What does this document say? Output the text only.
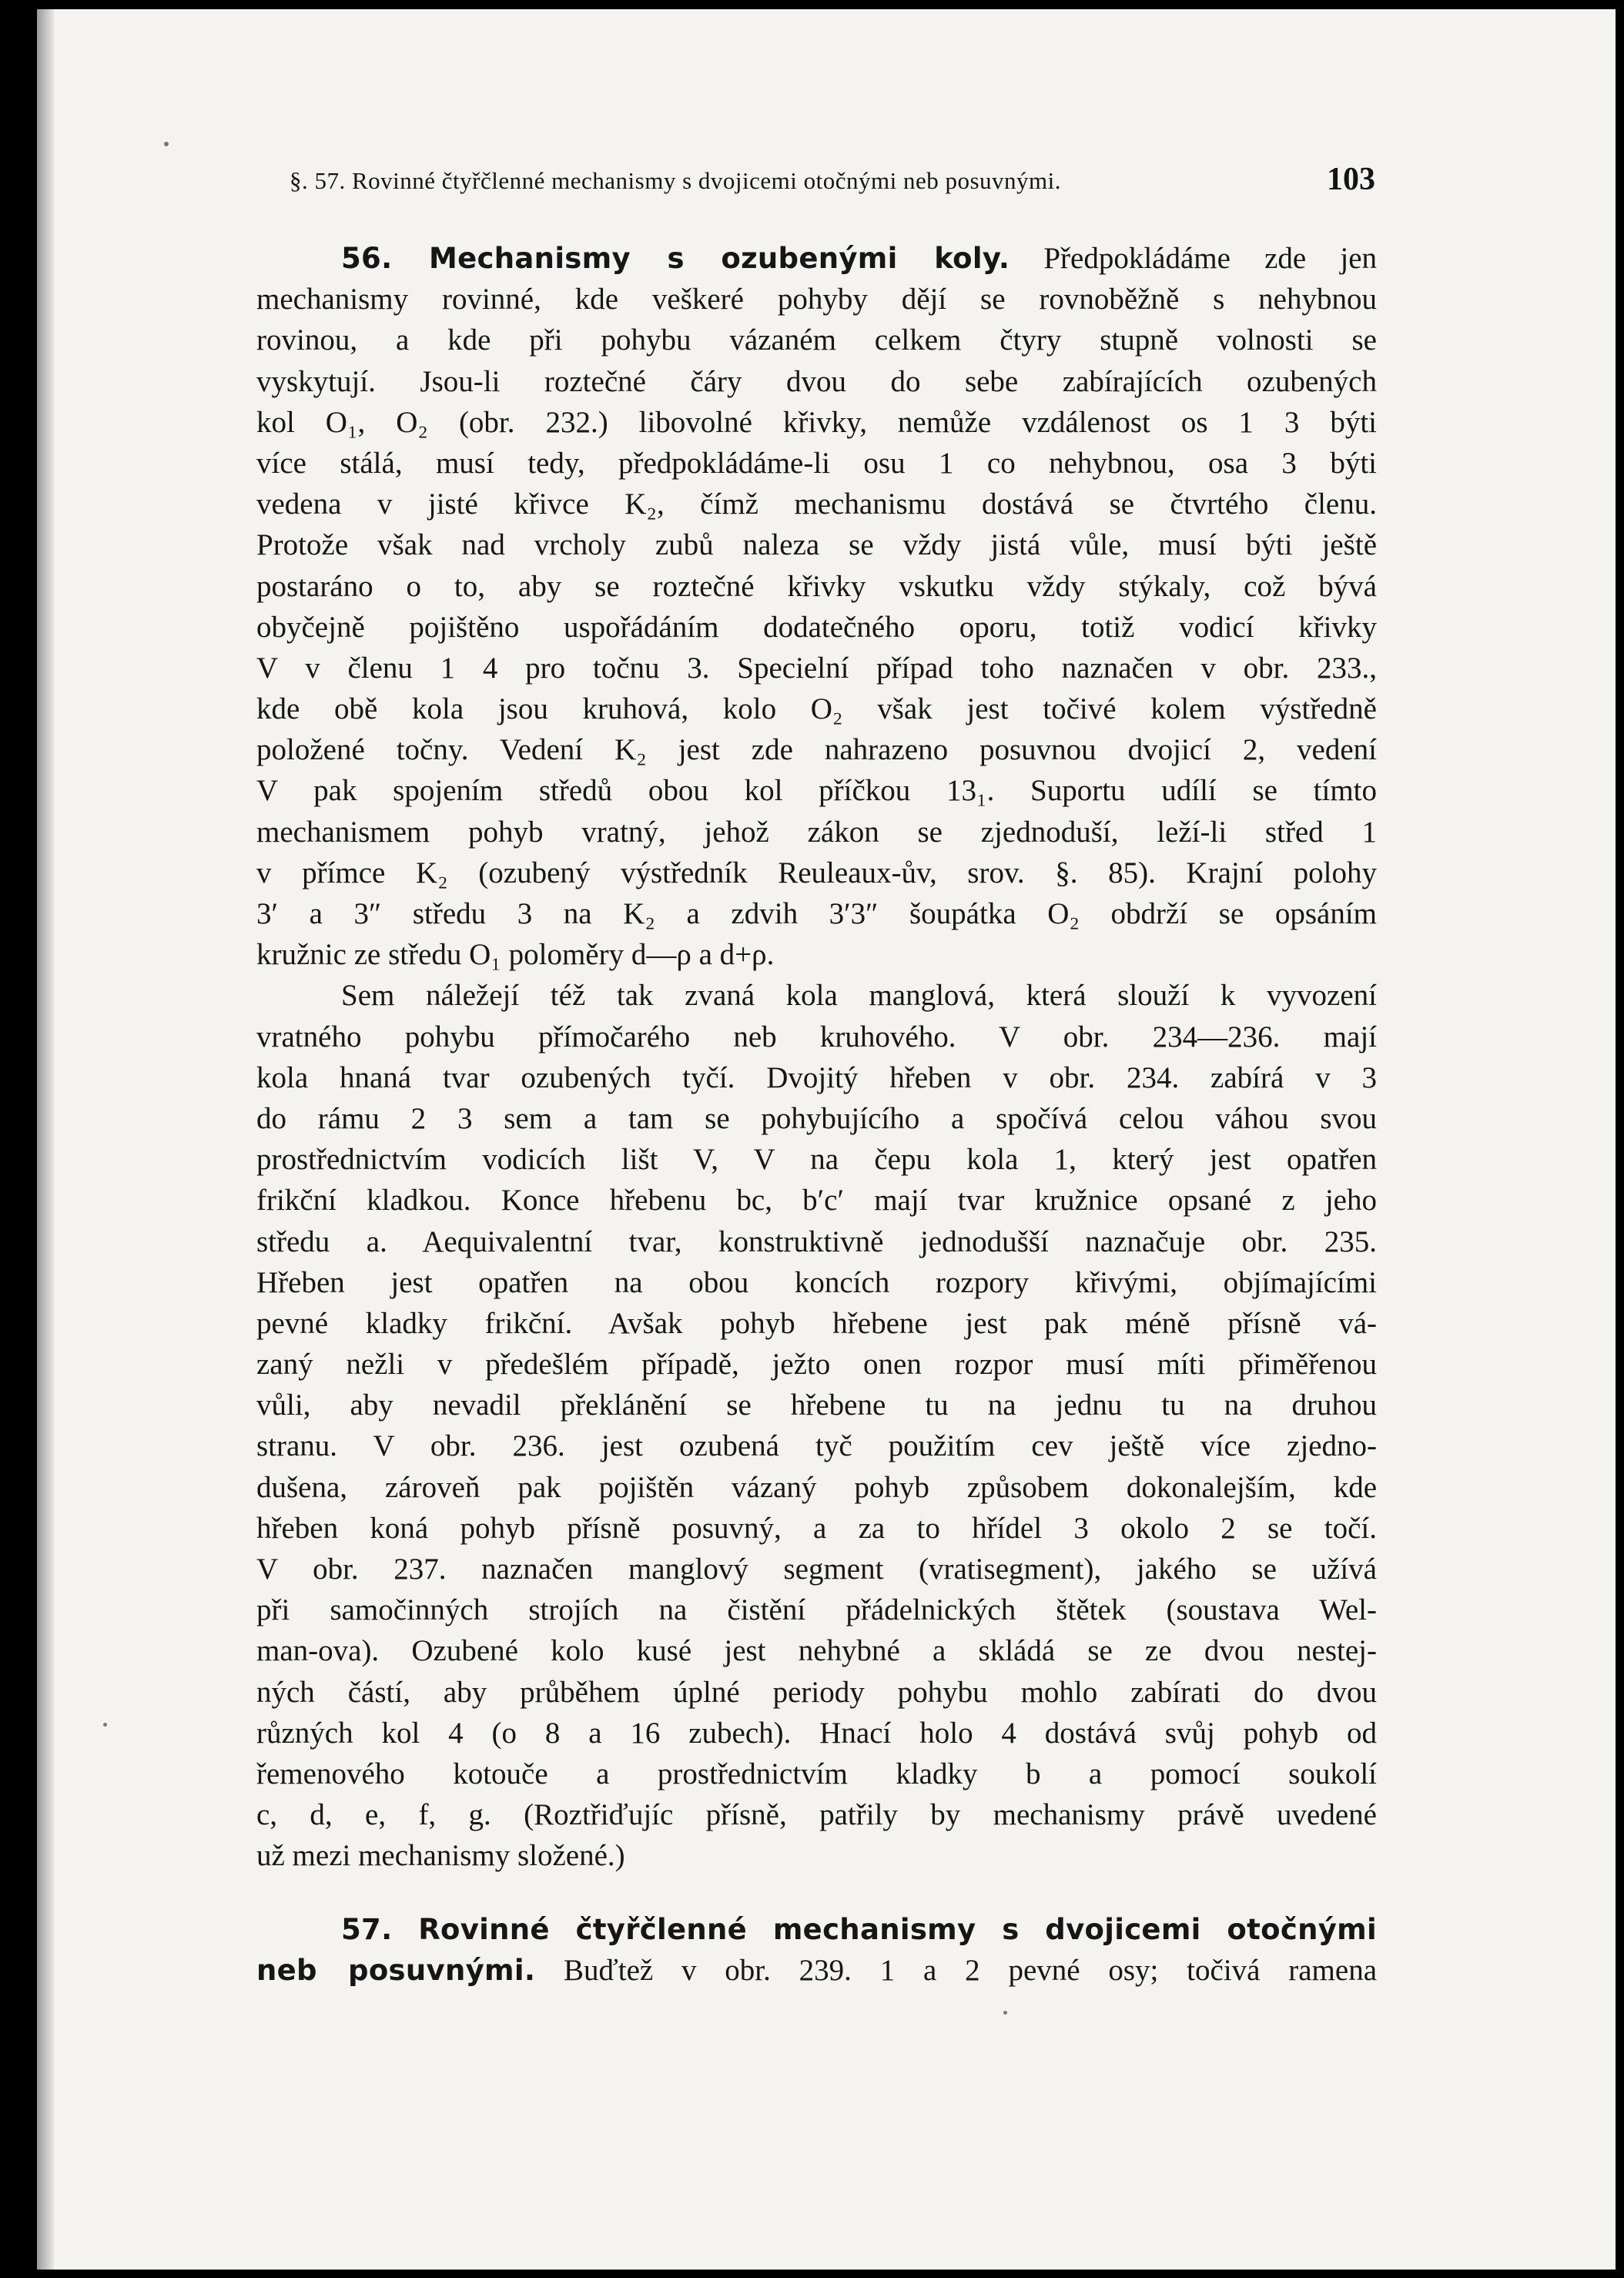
§. 57. Rovinné čtyřčlenné mechanismy s dvojicemi otočnými neb posuvnými.	103
56. Mechanismy s ozubenými koly. Předpokládáme zde jen
mechanismy rovinné, kde veškeré pohyby dějí se rovnoběžně s nehybnou
rovinou, a kde při pohybu vázaném celkem čtyry stupně volnosti se
vyskytují. Jsou-li roztečné čáry dvou do sebe zabírajících ozubených
kol O₁, O₂ (obr. 232.) libovolné křivky, nemůže vzdálenost os 1 3 býti
více stálá, musí tedy, předpokládáme-li osu 1 co nehybnou, osa 3 býti
vedena v jisté křivce K₂, čímž mechanismu dostává se čtvrtého členu.
Protože však nad vrcholy zubů naleza se vždy jistá vůle, musí býti ještě
postaráno o to, aby se roztečné křivky vskutku vždy stýkaly, což bývá
obyčejně pojištěno uspořádáním dodatečného oporu, totiž vodicí křivky
V v členu 1 4 pro točnu 3. Specielní případ toho naznačen v obr. 233.,
kde obě kola jsou kruhová, kolo O₂ však jest točivé kolem výstředně
položené točny. Vedení K₂ jest zde nahrazeno posuvnou dvojicí 2, vedení
V pak spojením středů obou kol příčkou 13₁. Suportu udílí se tímto
mechanismem pohyb vratný, jehož zákon se zjednoduší, leží-li střed 1
v přímce K₂ (ozubený výstředník Reuleaux-ův, srov. §. 85). Krajní polohy
3′ a 3″ středu 3 na K₂ a zdvih 3′3″ šoupátka O₂ obdrží se opsáním
kružnic ze středu O₁ poloměry d—ρ a d+ρ.
Sem náležejí též tak zvaná kola manglová, která slouží k vyvození
vratného pohybu přímočarého neb kruhového. V obr. 234—236. mají
kola hnaná tvar ozubených tyčí. Dvojitý hřeben v obr. 234. zabírá v 3
do rámu 2 3 sem a tam se pohybujícího a spočívá celou váhou svou
prostřednictvím vodicích lišt V, V na čepu kola 1, který jest opatřen
frikční kladkou. Konce hřebenu bc, b′c′ mají tvar kružnice opsané z jeho
středu a. Aequivalentní tvar, konstruktivně jednodušší naznačuje obr. 235.
Hřeben jest opatřen na obou koncích rozpory křivými, objímajícími
pevné kladky frikční. Avšak pohyb hřebene jest pak méně přísně vá-
zaný nežli v předešlém případě, ježto onen rozpor musí míti přiměřenou
vůli, aby nevadil překlánění se hřebene tu na jednu tu na druhou
stranu. V obr. 236. jest ozubená tyč použitím cev ještě více zjedno-
dušena, zároveň pak pojištěn vázaný pohyb způsobem dokonalejším, kde
hřeben koná pohyb přísně posuvný, a za to hřídel 3 okolo 2 se točí.
V obr. 237. naznačen manglový segment (vratisegment), jakého se užívá
při samočinných strojích na čistění přádelnických štětek (soustava Wel-
man-ova). Ozubené kolo kusé jest nehybné a skládá se ze dvou nestej-
ných částí, aby průběhem úplné periody pohybu mohlo zabírati do dvou
různých kol 4 (o 8 a 16 zubech). Hnací holo 4 dostává svůj pohyb od
řemenového kotouče a prostřednictvím kladky b a pomocí soukolí
c, d, e, f, g. (Roztřiďujíc přísně, patřily by mechanismy právě uvedené
už mezi mechanismy složené.)
57. Rovinné čtyřčlenné mechanismy s dvojicemi otočnými
neb posuvnými. Buďtež v obr. 239. 1 a 2 pevné osy; točivá ramena
